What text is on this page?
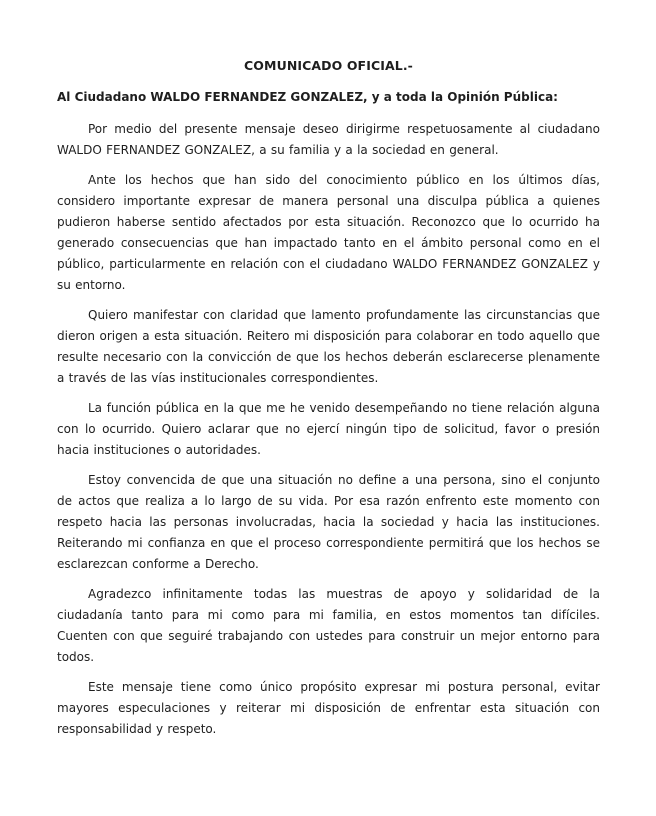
COMUNICADO OFICIAL.-
Al Ciudadano WALDO FERNANDEZ GONZALEZ, y a toda la Opinión Pública:

Por medio del presente mensaje deseo dirigirme respetuosamente al ciudadano WALDO FERNANDEZ GONZALEZ, a su familia y a la sociedad en general.

Ante los hechos que han sido del conocimiento público en los últimos días, considero importante expresar de manera personal una disculpa pública a quienes pudieron haberse sentido afectados por esta situación. Reconozco que lo ocurrido ha generado consecuencias que han impactado tanto en el ámbito personal como en el público, particularmente en relación con el ciudadano WALDO FERNANDEZ GONZALEZ y su entorno.

Quiero manifestar con claridad que lamento profundamente las circunstancias que dieron origen a esta situación. Reitero mi disposición para colaborar en todo aquello que resulte necesario con la convicción de que los hechos deberán esclarecerse plenamente a través de las vías institucionales correspondientes.

La función pública en la que me he venido desempeñando no tiene relación alguna con lo ocurrido. Quiero aclarar que no ejercí ningún tipo de solicitud, favor o presión hacia instituciones o autoridades.

Estoy convencida de que una situación no define a una persona, sino el conjunto de actos que realiza a lo largo de su vida. Por esa razón enfrento este momento con respeto hacia las personas involucradas, hacia la sociedad y hacia las instituciones. Reiterando mi confianza en que el proceso correspondiente permitirá que los hechos se esclarezcan conforme a Derecho.

Agradezco infinitamente todas las muestras de apoyo y solidaridad de la ciudadanía tanto para mi como para mi familia, en estos momentos tan difíciles. Cuenten con que seguiré trabajando con ustedes para construir un mejor entorno para todos.

Este mensaje tiene como único propósito expresar mi postura personal, evitar mayores especulaciones y reiterar mi disposición de enfrentar esta situación con responsabilidad y respeto.
